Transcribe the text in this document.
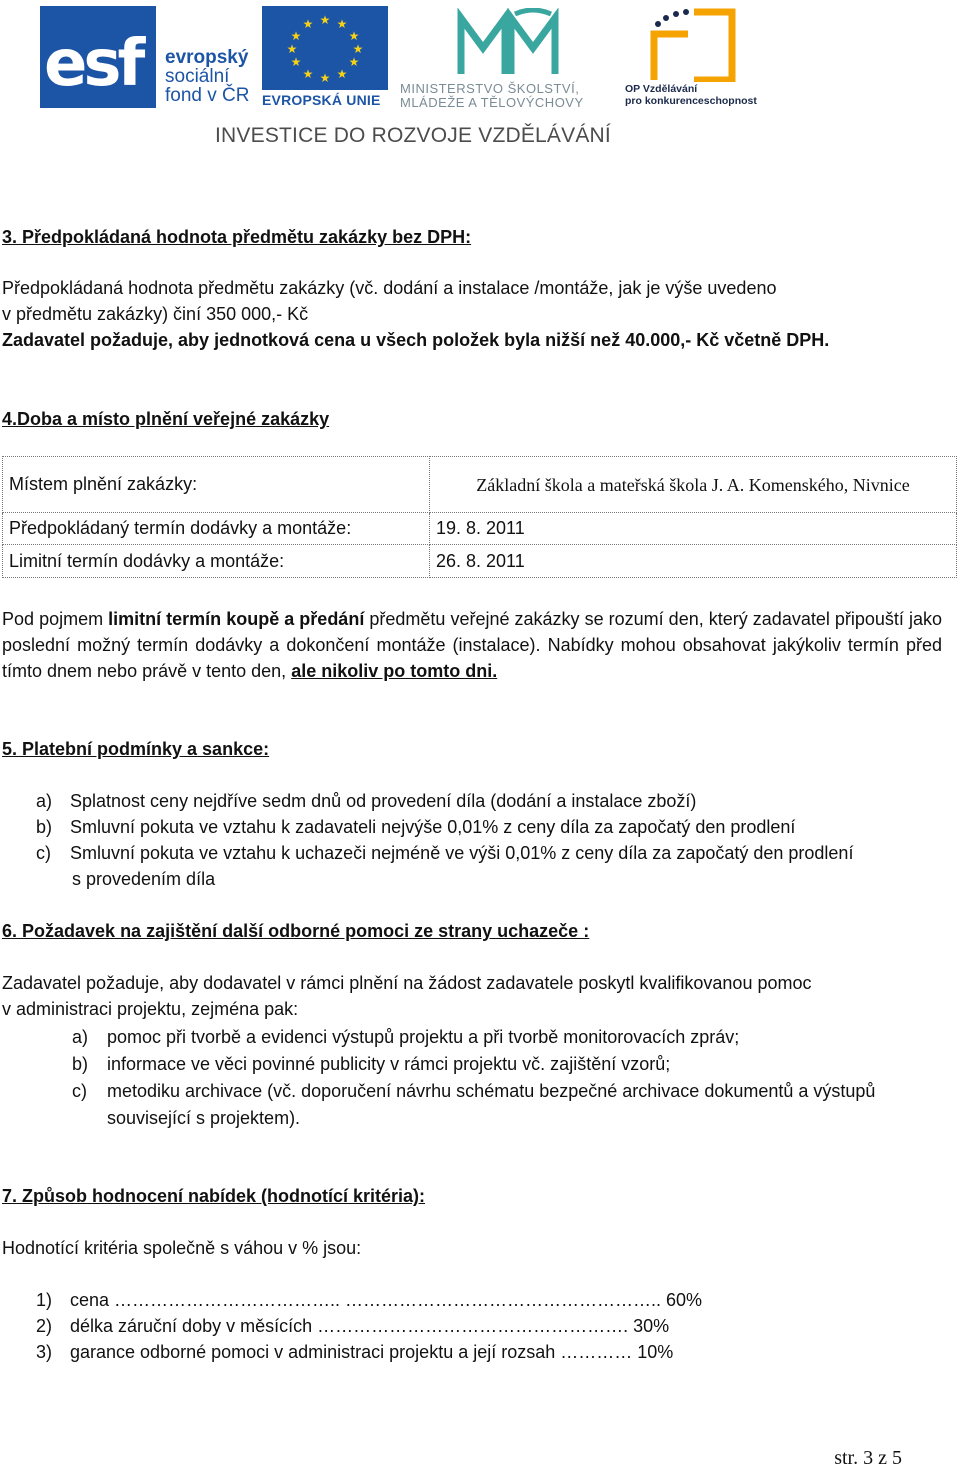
esf evropský
sociální
fond v ČR
★ ★
★
★
★
★
★
★
★
★
★
★
EVROPSKÁ UNIE
MINISTERSTVO ŠKOLSTVÍ,
MLÁDEŽE A TĚLOVÝCHOVY
OP Vzdělávání
pro konkurenceschopnost
INVESTICE DO ROZVOJE VZDĚLÁVÁNÍ
3. Předpokládaná hodnota předmětu zakázky bez DPH:
Předpokládaná hodnota předmětu zakázky (vč. dodání a instalace /montáže, jak je výše uvedeno
v předmětu zakázky) činí 350 000,- Kč
Zadavatel požaduje, aby jednotková cena u všech položek byla nižší než 40.000,- Kč včetně DPH.
4.Doba a místo plnění veřejné zakázky
Místem plnění zakázky:	Základní škola a mateřská škola J. A. Komenského, Nivnice
Předpokládaný termín dodávky a montáže:	19. 8. 2011
Limitní termín dodávky a montáže:	26. 8. 2011
Pod pojmem limitní termín koupě a předání předmětu veřejné zakázky se rozumí den, který zadavatel připouští jako poslední možný termín dodávky a dokončení montáže (instalace). Nabídky mohou obsahovat jakýkoliv termín před tímto dnem nebo právě v tento den, ale nikoliv po tomto dni.
5. Platební podmínky a sankce:
a) Splatnost ceny nejdříve sedm dnů od provedení díla (dodání a instalace zboží)
b) Smluvní pokuta ve vztahu k zadavateli nejvýše 0,01% z ceny díla za započatý den prodlení
c) Smluvní pokuta ve vztahu k uchazeči nejméně ve výši 0,01% z ceny díla za započatý den prodlení
s provedením díla
6. Požadavek na zajištění další odborné pomoci ze strany uchazeče :
Zadavatel požaduje, aby dodavatel v rámci plnění na žádost zadavatele poskytl kvalifikovanou pomoc
v administraci projektu, zejména pak:
a) pomoc při tvorbě a evidenci výstupů projektu a při tvorbě monitorovacích zpráv;
b) informace ve věci povinné publicity v rámci projektu vč. zajištění vzorů;
c) metodiku archivace (vč. doporučení návrhu schématu bezpečné archivace dokumentů a výstupů
související s projektem).
7. Způsob hodnocení nabídek (hodnotící kritéria):
Hodnotící kritéria společně s váhou v % jsou:
1) cena ……………………………….. …………………………………………….. 60%
2) délka záruční doby v měsících ……………………………………………. 30%
3) garance odborné pomoci v administraci projektu a její rozsah ………… 10%
str. 3 z 5
